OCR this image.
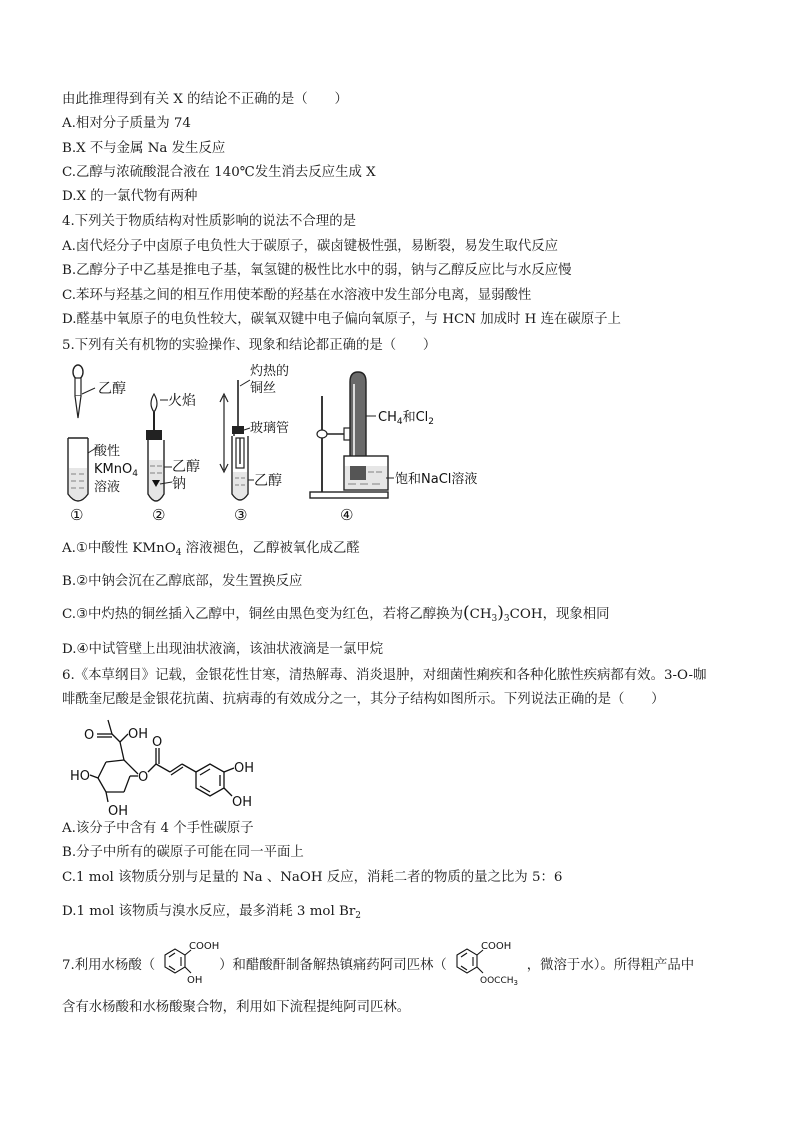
由此推理得到有关 X 的结论不正确的是（　　）
A.相对分子质量为 74
B.X 不与金属 Na 发生反应
C.乙醇与浓硫酸混合液在 140℃发生消去反应生成 X
D.X 的一氯代物有两种
4.下列关于物质结构对性质影响的说法不合理的是
A.卤代烃分子中卤原子电负性大于碳原子，碳卤键极性强，易断裂，易发生取代反应
B.乙醇分子中乙基是推电子基，氧氢键的极性比水中的弱，钠与乙醇反应比与水反应慢
C.苯环与羟基之间的相互作用使苯酚的羟基在水溶液中发生部分电离，显弱酸性
D.醛基中氧原子的电负性较大，碳氧双键中电子偏向氧原子，与 HCN 加成时 H 连在碳原子上
5.下列有关有机物的实验操作、现象和结论都正确的是（　　）
乙醇
酸性
KMnO$_4$
溶液
①
火焰
乙醇
钠
②
灼热的
铜丝
玻璃管
乙醇
③
$CH_4$和$Cl_2$
饱和NaCl溶液
④
A.①中酸性 KMnO$_4$ 溶液褪色，乙醇被氧化成乙醛
B.②中钠会沉在乙醇底部，发生置换反应
C.③中灼热的铜丝插入乙醇中，铜丝由黑色变为红色，若将乙醇换为$(CH_3)_3COH$，现象相同
D.④中试管壁上出现油状液滴，该油状液滴是一氯甲烷
6.《本草纲目》记载，金银花性甘寒，清热解毒、消炎退肿，对细菌性痢疾和各种化脓性疾病都有效。3-O-咖
啡酰奎尼酸是金银花抗菌、抗病毒的有效成分之一，其分子结构如图所示。下列说法正确的是（　　）
O	OH
HO	O
O
OH
OH
OH
A.该分子中含有 4 个手性碳原子
B.分子中所有的碳原子可能在同一平面上
C.1 mol 该物质分别与足量的 Na 、NaOH 反应，消耗二者的物质的量之比为 5：6
D.1 mol 该物质与溴水反应，最多消耗 3 mol $Br_2$
7.利用水杨酸（
COOH
OH
）和醋酸酐制备解热镇痛药阿司匹林（
COOH
$OOCCH_3$
，微溶于水）。所得粗产品中
含有水杨酸和水杨酸聚合物，利用如下流程提纯阿司匹林。
